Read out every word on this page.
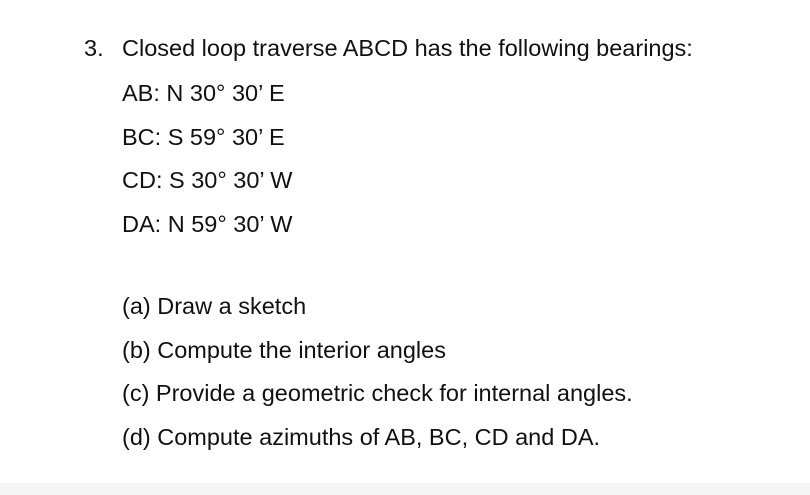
3. Closed loop traverse ABCD has the following bearings:
AB: N 30° 30’ E
BC: S 59° 30’ E
CD: S 30° 30’ W
DA: N 59° 30’ W
(a) Draw a sketch
(b) Compute the interior angles
(c) Provide a geometric check for internal angles.
(d) Compute azimuths of AB, BC, CD and DA.
